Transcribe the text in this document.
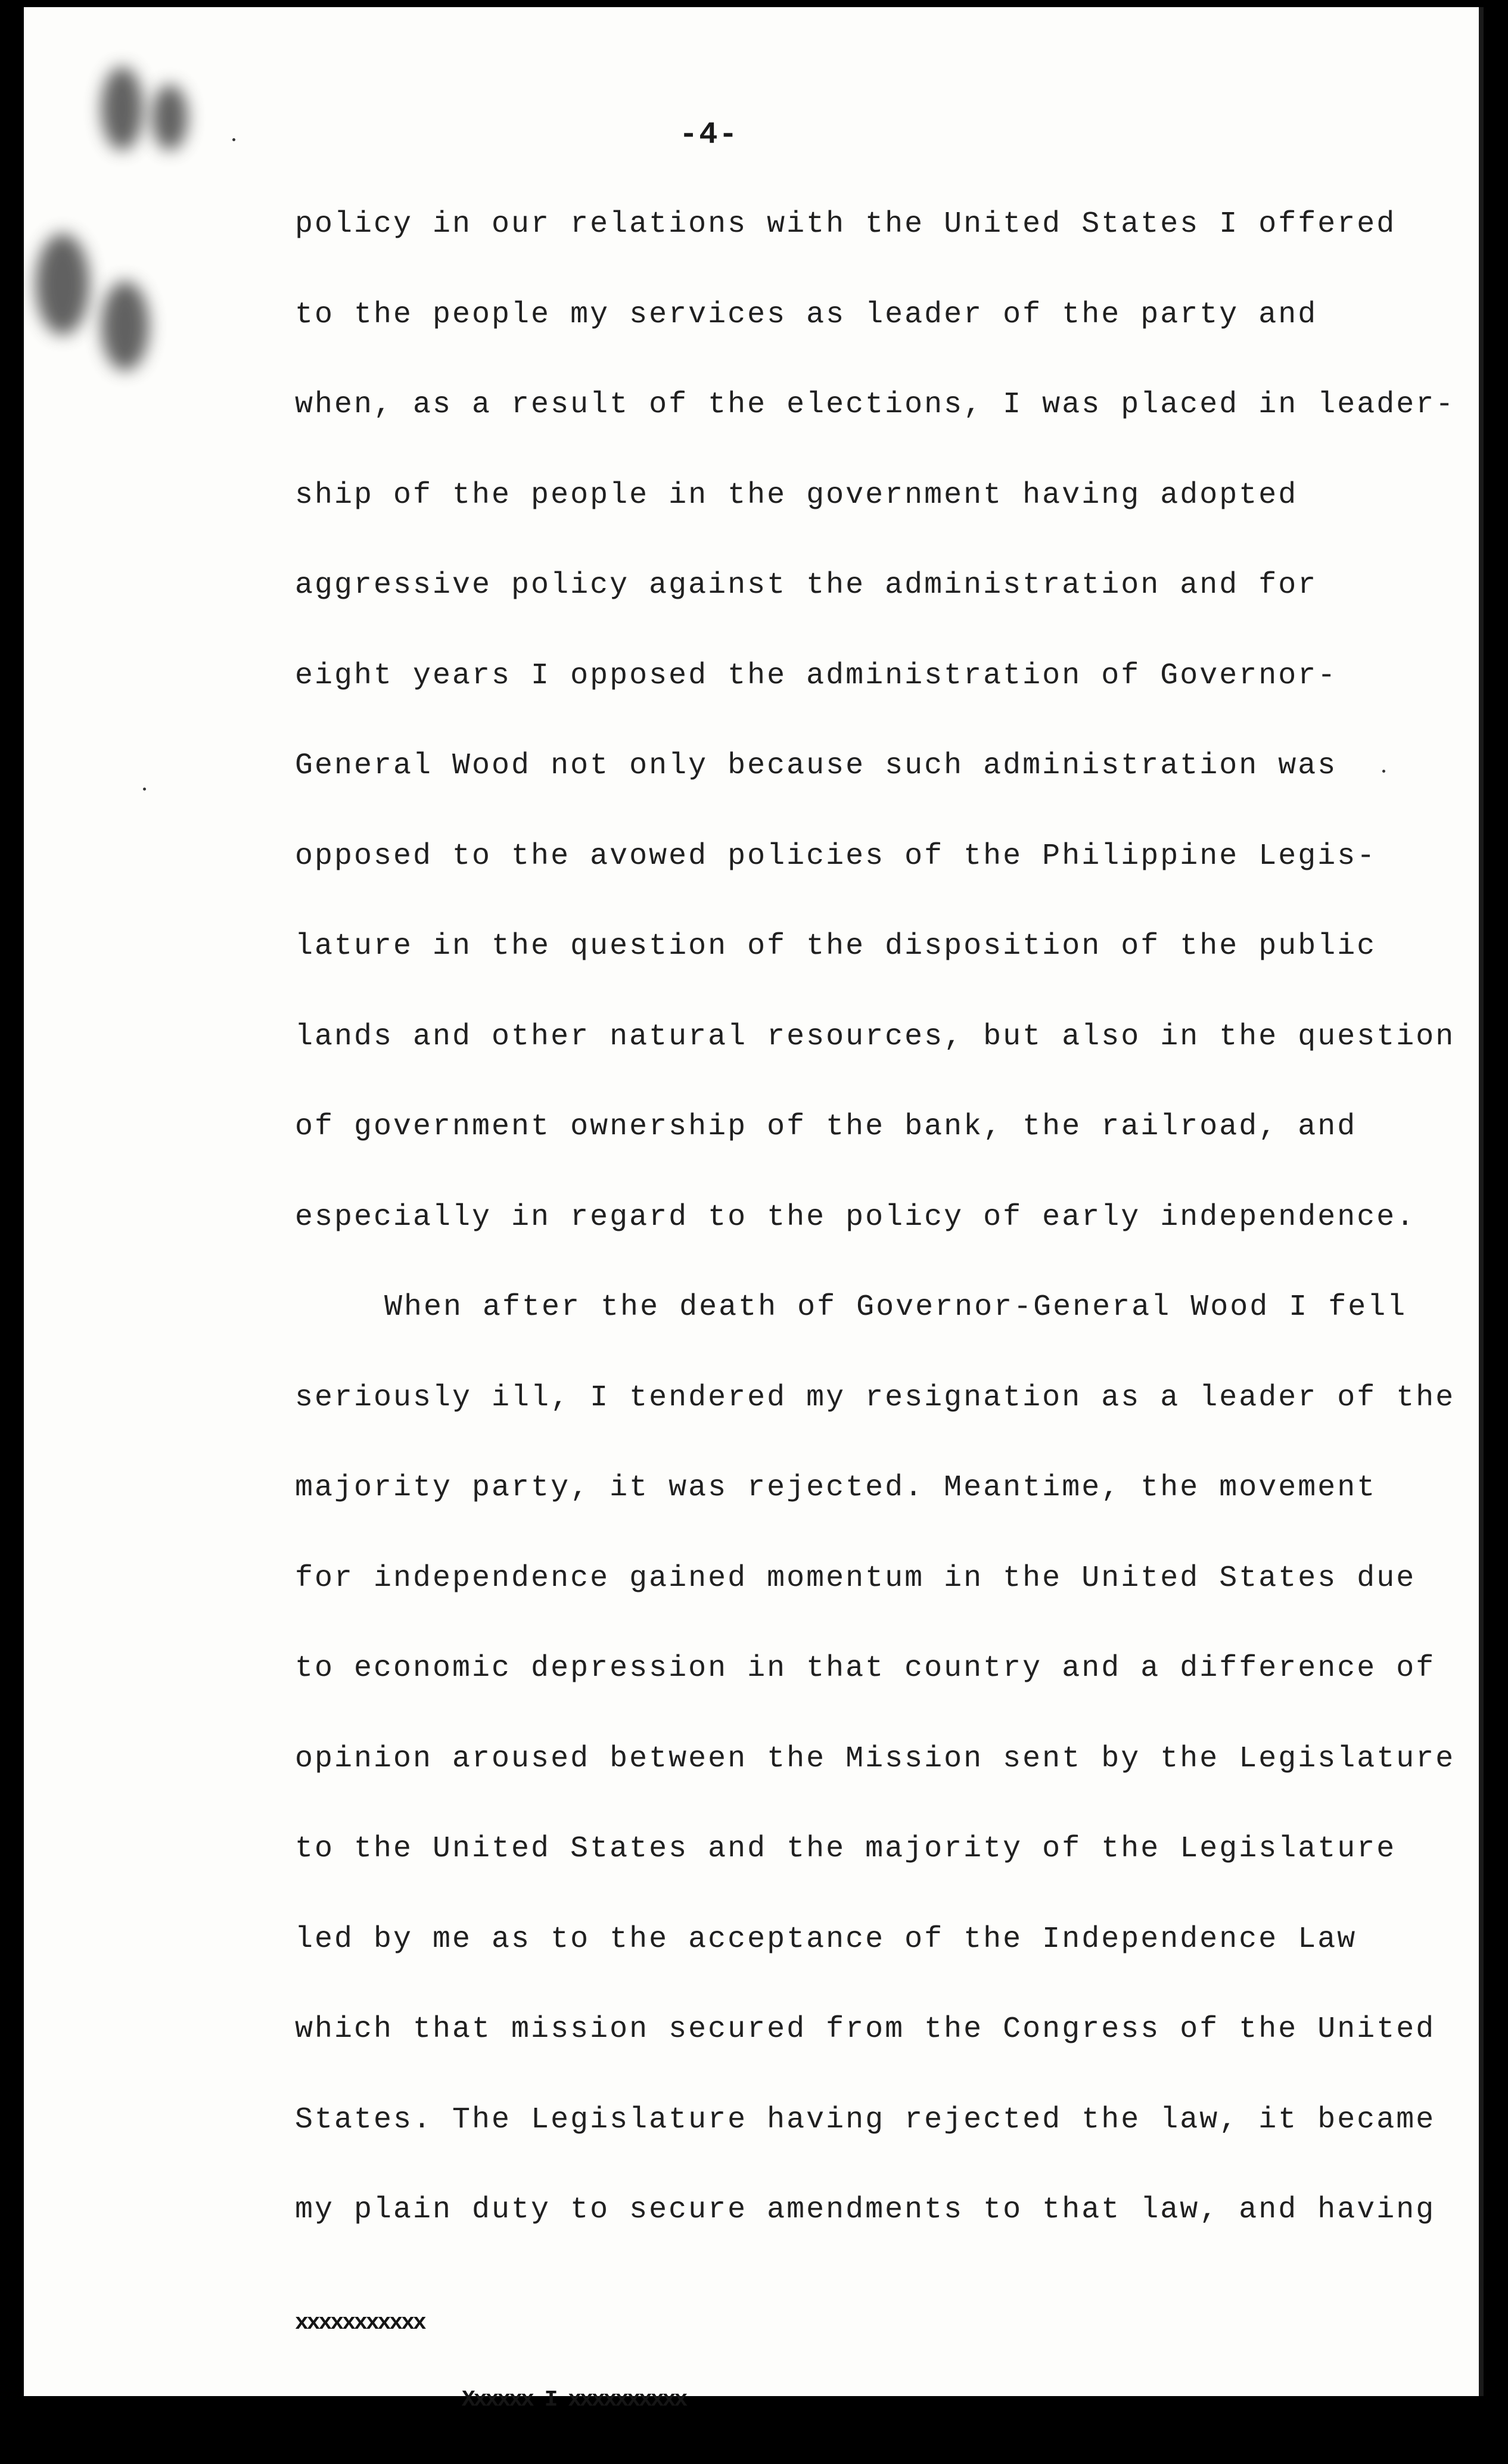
-4-
policy in our relations with the United States I offered
to the people my services as leader of the party and
when, as a result of the elections, I was placed in leader-
ship of the people in the government having adopted
aggressive policy against the administration and for
eight years I opposed the administration of Governor-
General Wood not only because such administration was
opposed to the avowed policies of the Philippine Legis-
lature in the question of the disposition of the public
lands and other natural resources, but also in the question
of government ownership of the bank, the railroad, and
especially in regard to the policy of early independence.
When after the death of Governor-General Wood I fell
seriously ill, I tendered my resignation as a leader of the
majority party, it was rejected. Meantime, the movement
for independence gained momentum in the United States due
to economic depression in that country and a difference of
opinion aroused between the Mission sent by the Legislature
to the United States and the majority of the Legislature
led by me as to the acceptance of the Independence Law
which that mission secured from the Congress of the United
States. The Legislature having rejected the law, it became
my plain duty to secure amendments to that law, and having

xxxxxxxxxxx

Xxxxxx I xxxxxxxxxx
